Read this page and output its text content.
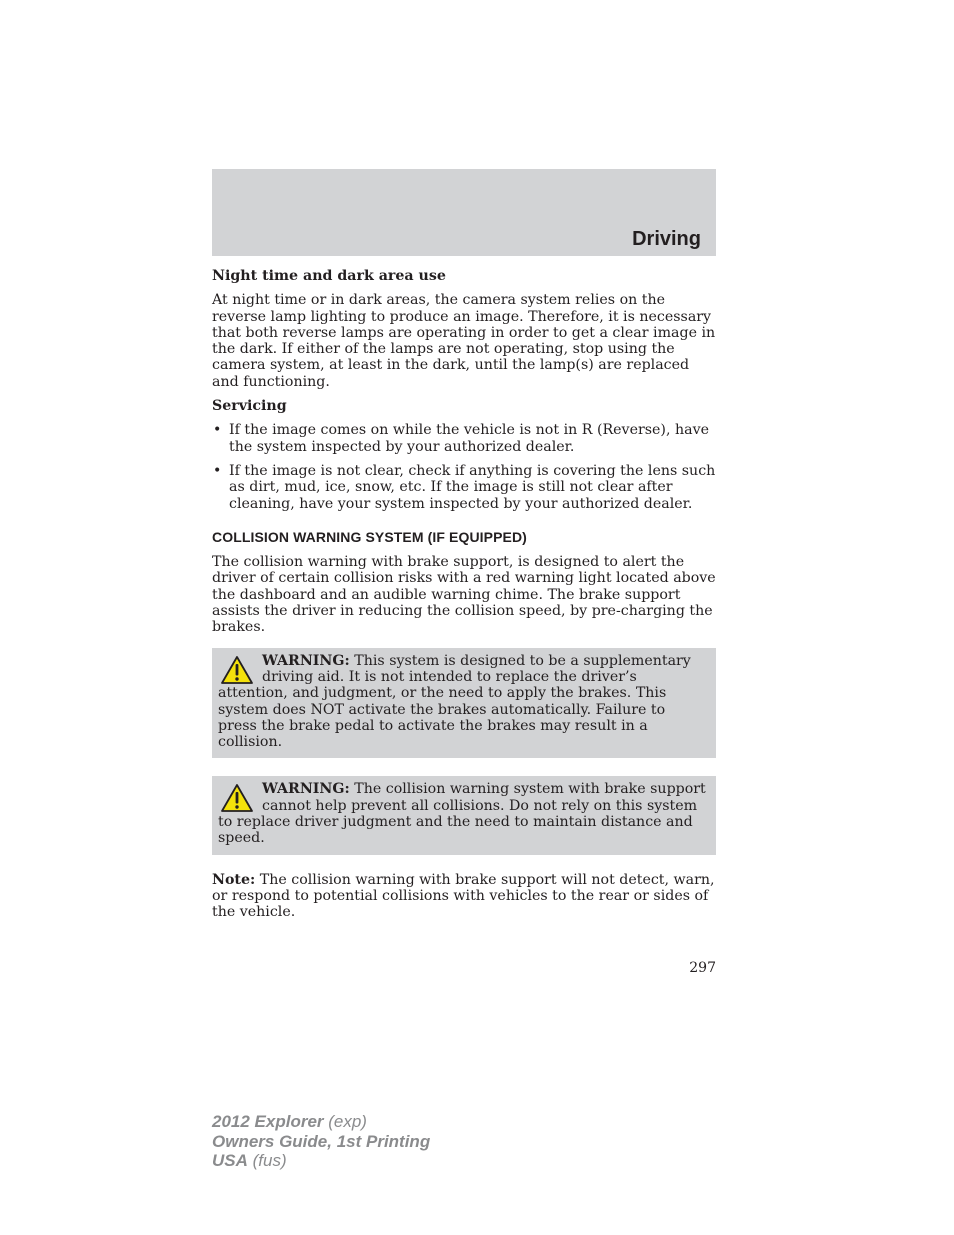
Driving
Night time and dark area use

At night time or in dark areas, the camera system relies on the reverse lamp lighting to produce an image. Therefore, it is necessary that both reverse lamps are operating in order to get a clear image in the dark. If either of the lamps are not operating, stop using the camera system, at least in the dark, until the lamp(s) are replaced and functioning.

Servicing
• If the image comes on while the vehicle is not in R (Reverse), have the system inspected by your authorized dealer.
• If the image is not clear, check if anything is covering the lens such as dirt, mud, ice, snow, etc. If the image is still not clear after cleaning, have your system inspected by your authorized dealer.
COLLISION WARNING SYSTEM (IF EQUIPPED)

The collision warning with brake support, is designed to alert the driver of certain collision risks with a red warning light located above the dashboard and an audible warning chime. The brake support assists the driver in reducing the collision speed, by pre-charging the brakes.

WARNING: This system is designed to be a supplementary driving aid. It is not intended to replace the driver’s attention, and judgment, or the need to apply the brakes. This system does NOT activate the brakes automatically. Failure to press the brake pedal to activate the brakes may result in a collision.
WARNING: The collision warning system with brake support cannot help prevent all collisions. Do not rely on this system to replace driver judgment and the need to maintain distance and speed.

Note: The collision warning with brake support will not detect, warn, or respond to potential collisions with vehicles to the rear or sides of the vehicle.

297
2012 Explorer (exp)
Owners Guide, 1st Printing
USA (fus)
